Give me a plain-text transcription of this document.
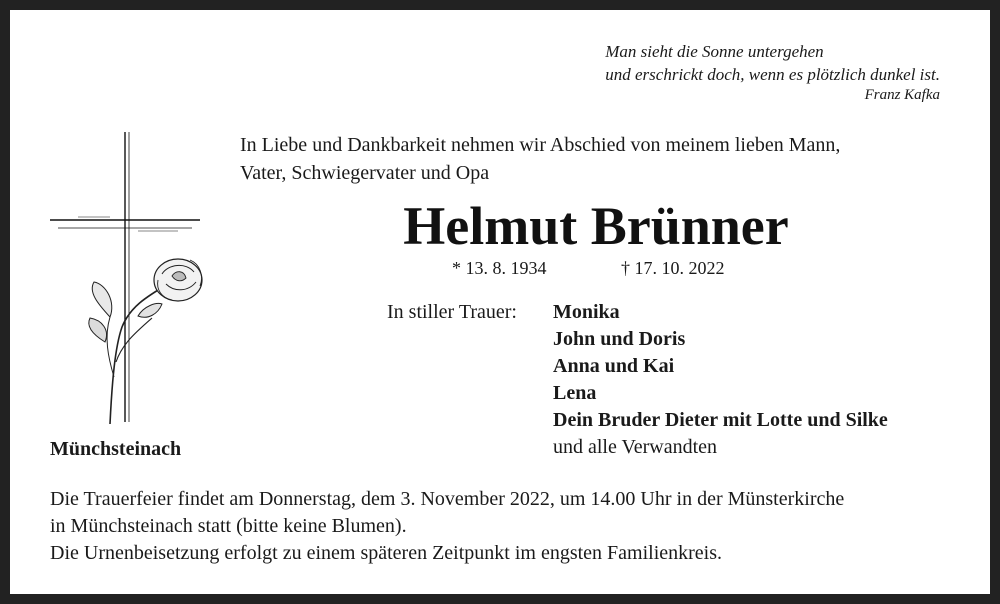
Man sieht die Sonne untergehen
und erschrickt doch, wenn es plötzlich dunkel ist.
Franz Kafka
In Liebe und Dankbarkeit nehmen wir Abschied von meinem lieben Mann,
Vater, Schwiegervater und Opa
Helmut Brünner
* 13. 8. 1934	† 17. 10. 2022
In stiller Trauer: Monika
John und Doris
Anna und Kai
Lena
Dein Bruder Dieter mit Lotte und Silke
und alle Verwandten
Münchsteinach
Die Trauerfeier findet am Donnerstag, dem 3. November 2022, um 14.00 Uhr in der Münsterkirche
in Münchsteinach statt (bitte keine Blumen).
Die Urnenbeisetzung erfolgt zu einem späteren Zeitpunkt im engsten Familienkreis.
